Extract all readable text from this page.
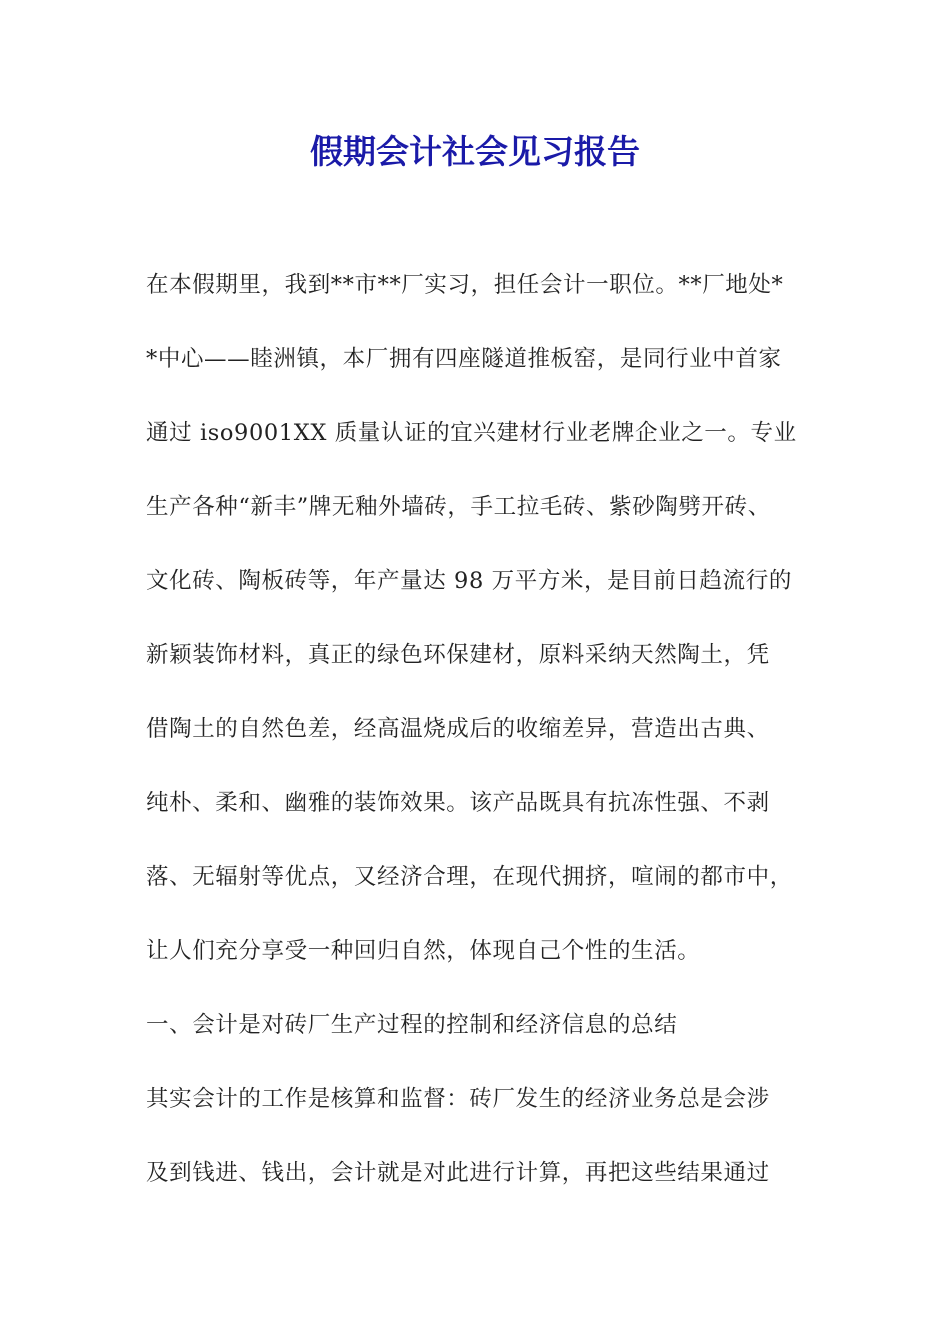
假期会计社会见习报告
在本假期里，我到**市**厂实习，担任会计一职位。**厂地处*
*中心——睦洲镇，本厂拥有四座隧道推板窑，是同行业中首家
通过 iso9001XX 质量认证的宜兴建材行业老牌企业之一。专业
生产各种“新丰”牌无釉外墙砖，手工拉毛砖、紫砂陶劈开砖、
文化砖、陶板砖等，年产量达 98 万平方米，是目前日趋流行的
新颖装饰材料，真正的绿色环保建材，原料采纳天然陶土，凭
借陶土的自然色差，经高温烧成后的收缩差异，营造出古典、
纯朴、柔和、幽雅的装饰效果。该产品既具有抗冻性强、不剥
落、无辐射等优点，又经济合理，在现代拥挤，喧闹的都市中，
让人们充分享受一种回归自然，体现自己个性的生活。
一、会计是对砖厂生产过程的控制和经济信息的总结
其实会计的工作是核算和监督：砖厂发生的经济业务总是会涉
及到钱进、钱出，会计就是对此进行计算，再把这些结果通过
